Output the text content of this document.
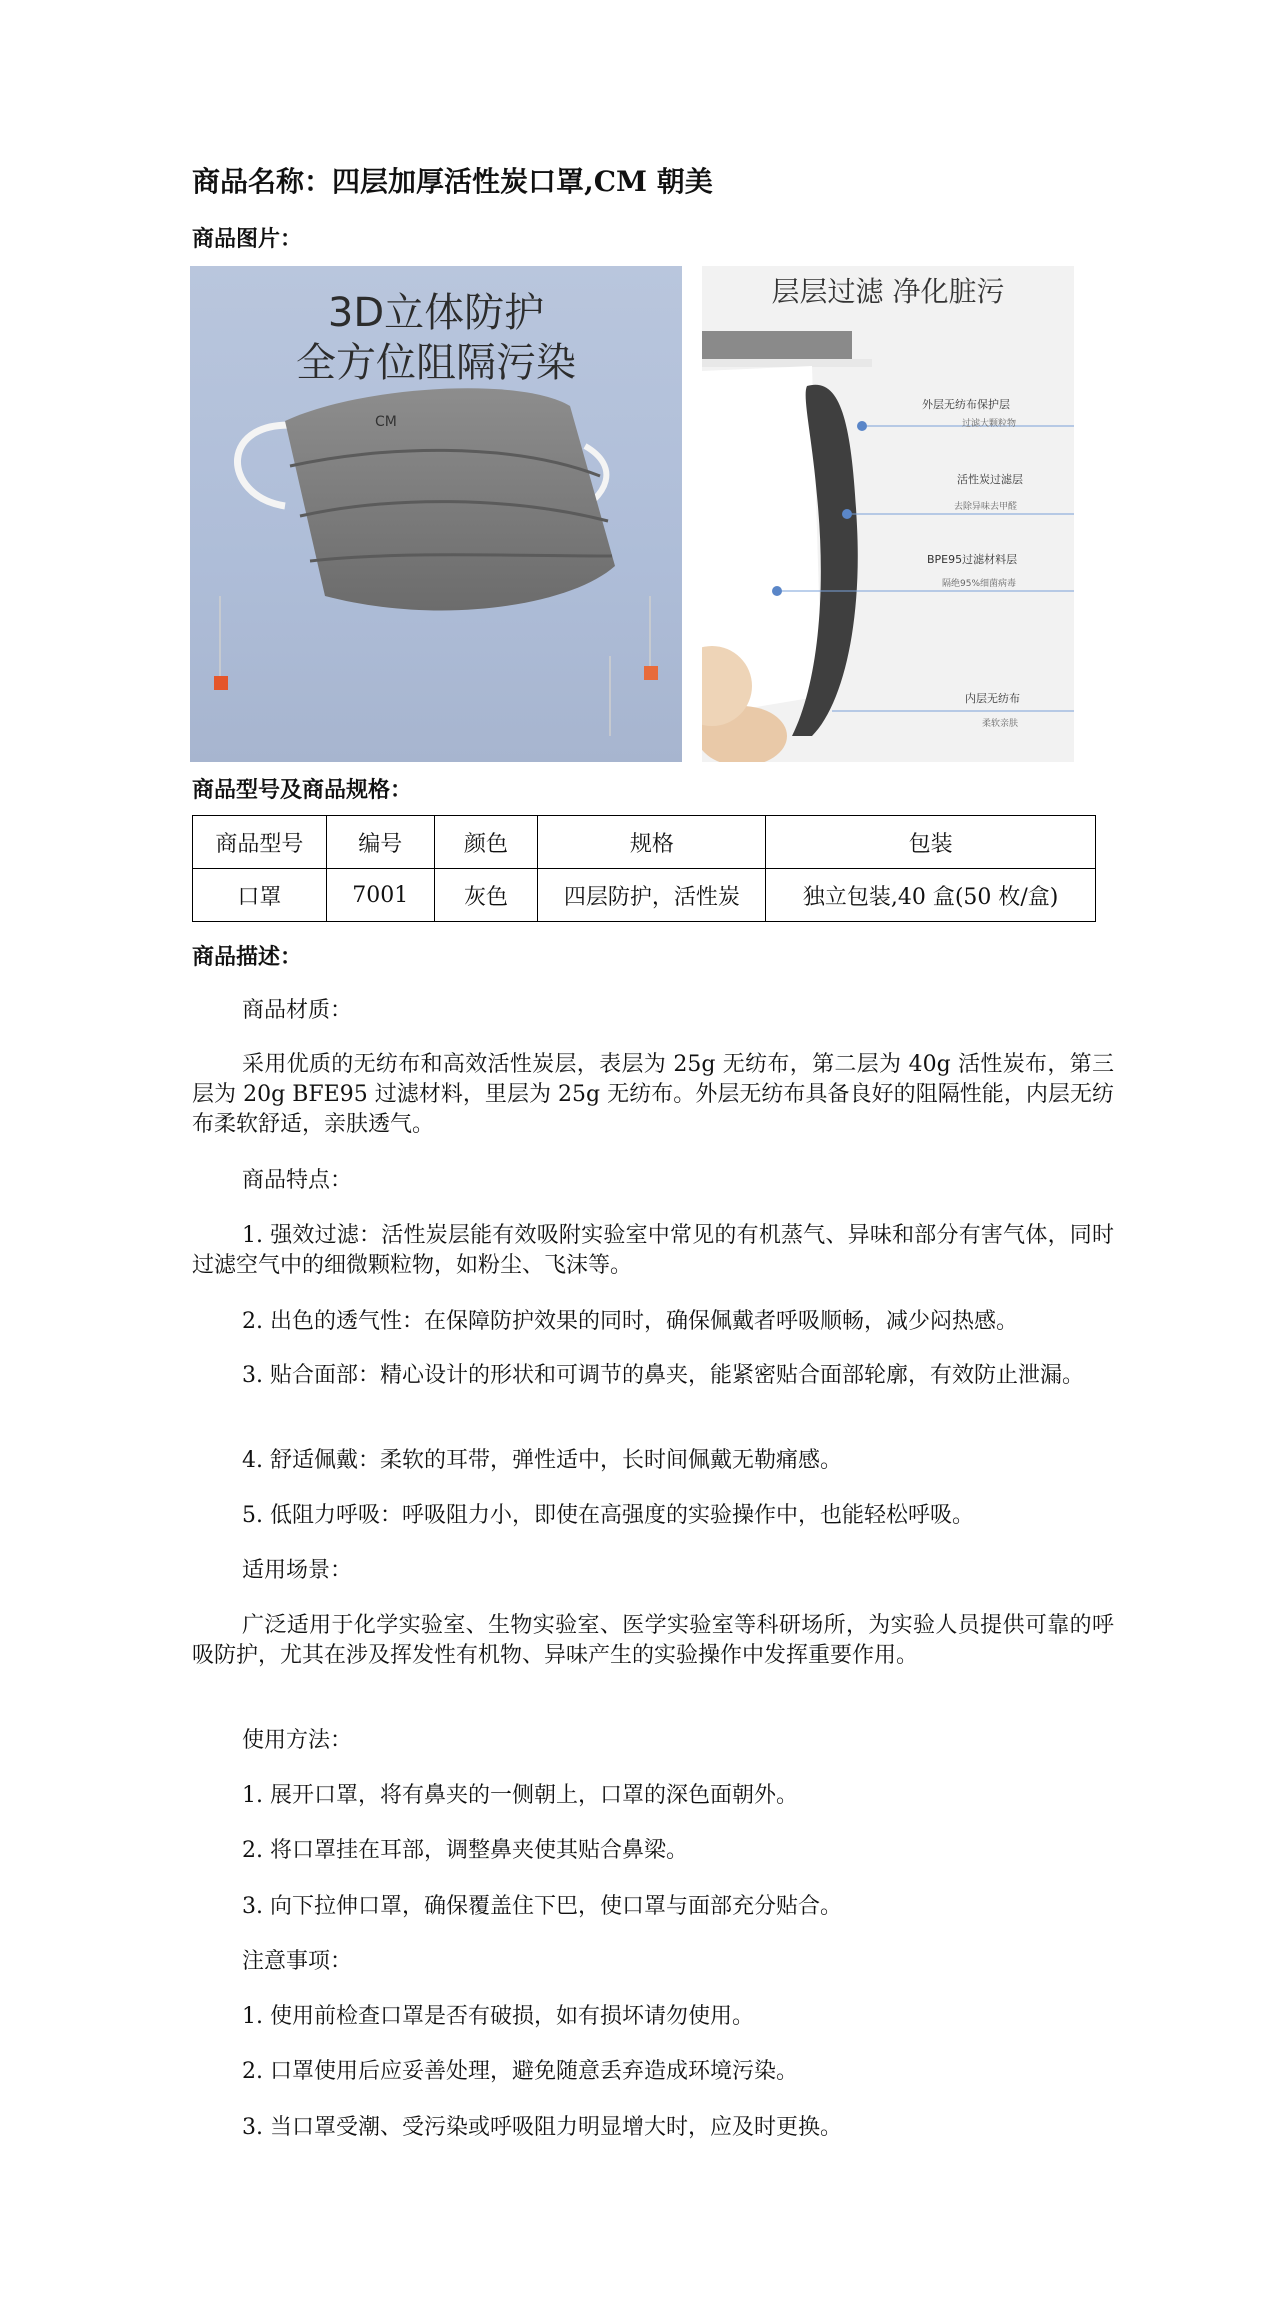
商品名称：四层加厚活性炭口罩,CM 朝美
商品图片：
3D立体防护
全方位阻隔污染
CM
层层过滤 净化脏污
外层无纺布保护层
过滤大颗粒物
活性炭过滤层
去除异味去甲醛
BPE95过滤材料层
隔绝95%细菌病毒
内层无纺布
柔软亲肤
商品型号及商品规格：
商品型号	编号	颜色	规格	包装
口罩	7001	灰色	四层防护，活性炭	独立包装,40 盒(50 枚/盒)
商品描述：
商品材质：
采用优质的无纺布和高效活性炭层，表层为 25g 无纺布，第二层为 40g 活性炭布，第三层为 20g BFE95 过滤材料，里层为 25g 无纺布。外层无纺布具备良好的阻隔性能，内层无纺布柔软舒适，亲肤透气。
商品特点：
1. 强效过滤：活性炭层能有效吸附实验室中常见的有机蒸气、异味和部分有害气体，同时过滤空气中的细微颗粒物，如粉尘、飞沫等。
2. 出色的透气性：在保障防护效果的同时，确保佩戴者呼吸顺畅，减少闷热感。
3. 贴合面部：精心设计的形状和可调节的鼻夹，能紧密贴合面部轮廓，有效防止泄漏。
4. 舒适佩戴：柔软的耳带，弹性适中，长时间佩戴无勒痛感。
5. 低阻力呼吸：呼吸阻力小，即使在高强度的实验操作中，也能轻松呼吸。
适用场景：
广泛适用于化学实验室、生物实验室、医学实验室等科研场所，为实验人员提供可靠的呼吸防护，尤其在涉及挥发性有机物、异味产生的实验操作中发挥重要作用。
使用方法：
1. 展开口罩，将有鼻夹的一侧朝上，口罩的深色面朝外。
2. 将口罩挂在耳部，调整鼻夹使其贴合鼻梁。
3. 向下拉伸口罩，确保覆盖住下巴，使口罩与面部充分贴合。
注意事项：
1. 使用前检查口罩是否有破损，如有损坏请勿使用。
2. 口罩使用后应妥善处理，避免随意丢弃造成环境污染。
3. 当口罩受潮、受污染或呼吸阻力明显增大时，应及时更换。
